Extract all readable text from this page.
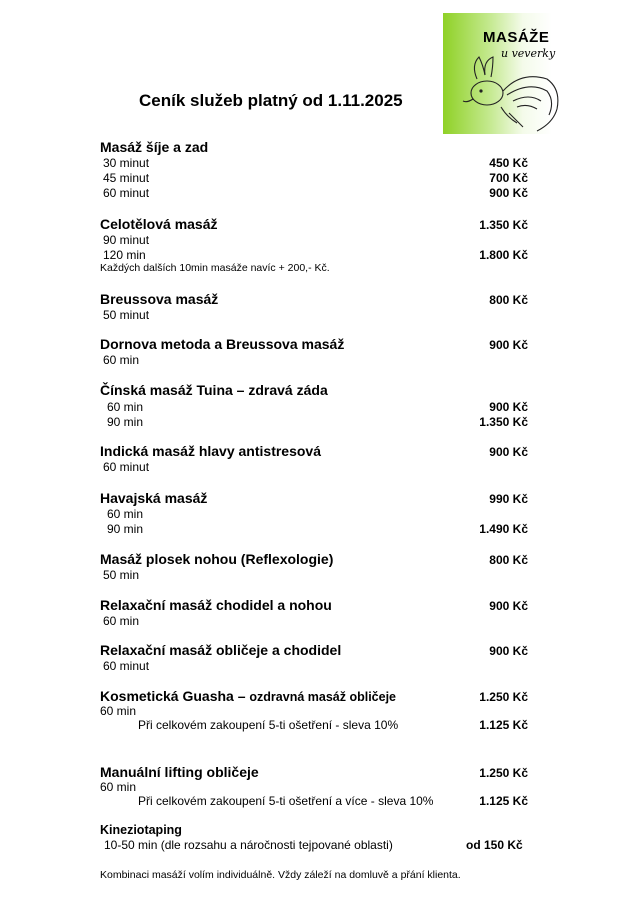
MASÁŽE
u veverky
Ceník služeb platný od 1.11.2025
Masáž šíje a zad
30 minut	450 Kč
45 minut	700 Kč
60 minut	900 Kč
Celotělová masáž	1.350 Kč
90 minut
120 min	1.800 Kč
Každých dalších 10min masáže navíc + 200,- Kč.
Breussova masáž	800 Kč
50 minut
Dornova metoda a Breussova masáž	900 Kč
60 min
Čínská masáž Tuina – zdravá záda
60 min	900 Kč
90 min	1.350 Kč
Indická masáž hlavy antistresová	900 Kč
60 minut
Havajská masáž	990 Kč
60 min
90 min	1.490 Kč
Masáž plosek nohou (Reflexologie)	800 Kč
50 min
Relaxační masáž chodidel a nohou	900 Kč
60 min
Relaxační masáž obličeje a chodidel	900 Kč
60 minut
Kosmetická Guasha – ozdravná masáž obličeje	1.250 Kč
60 min
Při celkovém zakoupení 5-ti ošetření - sleva 10%	1.125 Kč
Manuální lifting obličeje	1.250 Kč
60 min
Při celkovém zakoupení 5-ti ošetření a více - sleva 10%	1.125 Kč
Kineziotaping
10-50 min (dle rozsahu a náročnosti tejpované oblasti)	od 150 Kč
Kombinaci masáží volím individuálně. Vždy záleží na domluvě a přání klienta.
